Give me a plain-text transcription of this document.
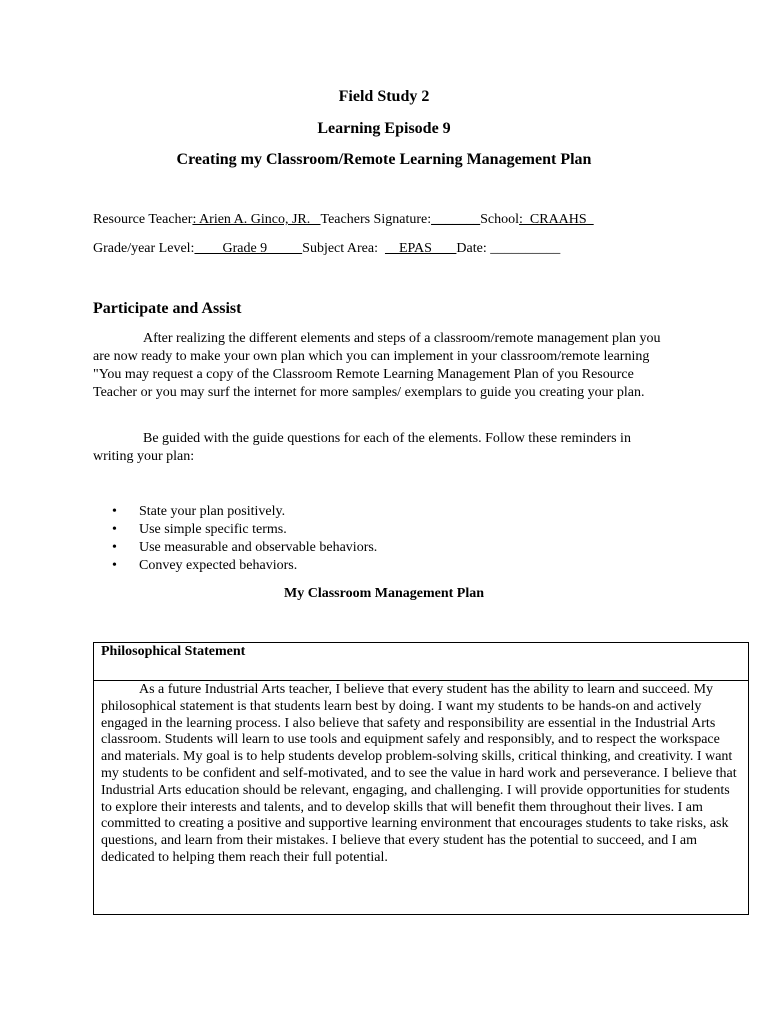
Field Study 2
Learning Episode 9
Creating my Classroom/Remote Learning Management Plan
Resource Teacher: Arien A. Ginco, JR.   Teachers Signature:_______School:  CRAAHS
Grade/year Level:        Grade 9          Subject Area:      EPAS       Date: __________
Participate and Assist
After realizing the different elements and steps of a classroom/remote management plan you are now ready to make your own plan which you can implement in your classroom/remote learning "You may request a copy of the Classroom Remote Learning Management Plan of you Resource Teacher or you may surf the internet for more samples/ exemplars to guide you creating your plan.
Be guided with the guide questions for each of the elements. Follow these reminders in writing your plan:
• State your plan positively.
• Use simple specific terms.
• Use measurable and observable behaviors.
• Convey expected behaviors.
My Classroom Management Plan
Philosophical Statement
As a future Industrial Arts teacher, I believe that every student has the ability to learn and succeed. My philosophical statement is that students learn best by doing. I want my students to be hands-on and actively engaged in the learning process. I also believe that safety and responsibility are essential in the Industrial Arts classroom. Students will learn to use tools and equipment safely and responsibly, and to respect the workspace and materials. My goal is to help students develop problem-solving skills, critical thinking, and creativity. I want my students to be confident and self-motivated, and to see the value in hard work and perseverance. I believe that Industrial Arts education should be relevant, engaging, and challenging. I will provide opportunities for students to explore their interests and talents, and to develop skills that will benefit them throughout their lives. I am committed to creating a positive and supportive learning environment that encourages students to take risks, ask questions, and learn from their mistakes. I believe that every student has the potential to succeed, and I am dedicated to helping them reach their full potential.
